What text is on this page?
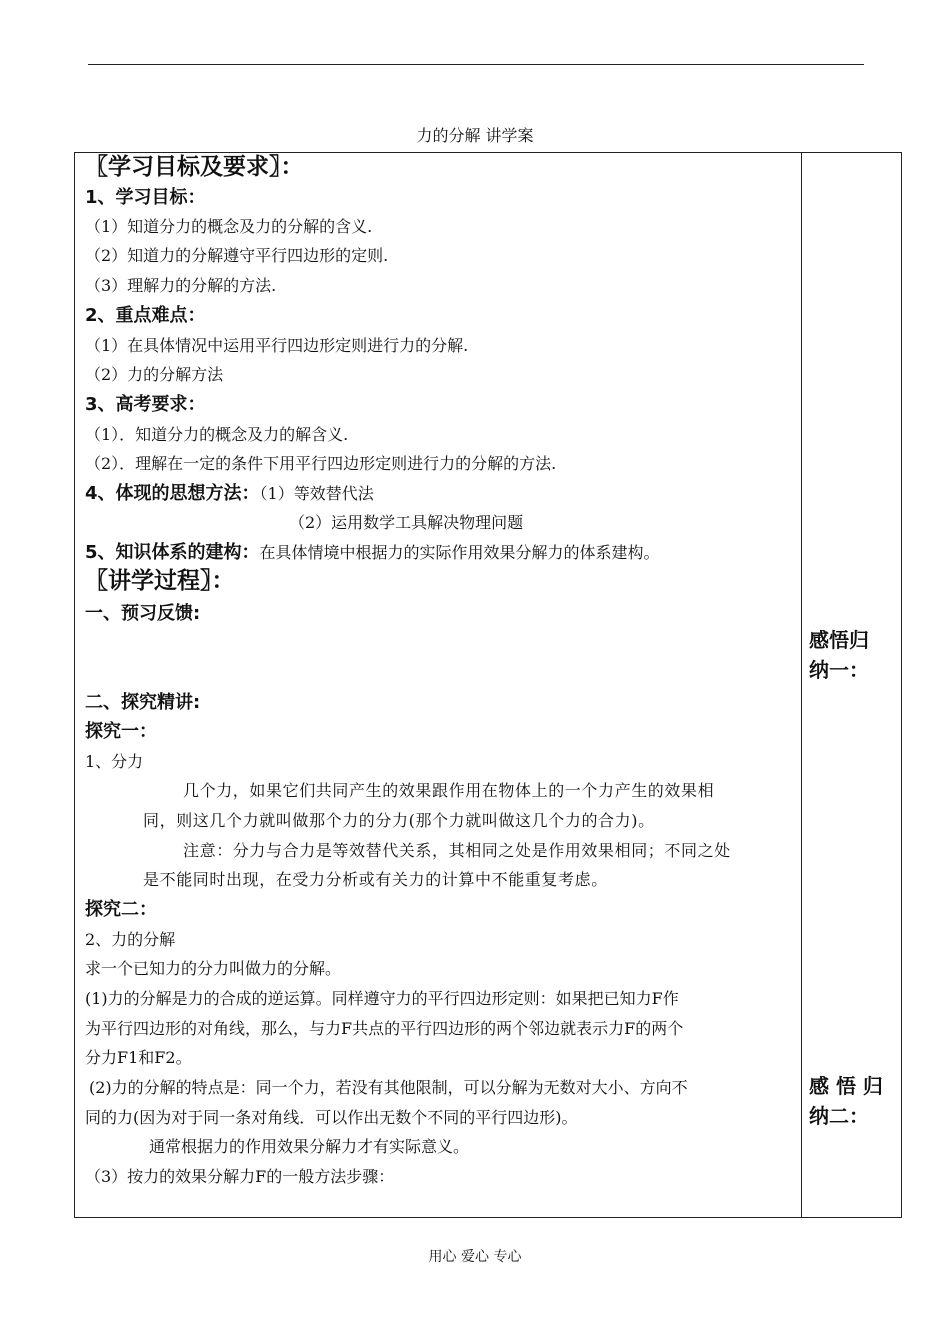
力的分解 讲学案
〖学习目标及要求〗：
1、学习目标：
（1）知道分力的概念及力的分解的含义.
（2）知道力的分解遵守平行四边形的定则.
（3）理解力的分解的方法.
2、重点难点：
（1）在具体情况中运用平行四边形定则进行力的分解.
（2）力的分解方法
3、高考要求：
（1）．知道分力的概念及力的解含义.
（2）．理解在一定的条件下用平行四边形定则进行力的分解的方法.
4、体现的思想方法：（1）等效替代法
（2）运用数学工具解决物理问题
5、知识体系的建构：在具体情境中根据力的实际作用效果分解力的体系建构。
〖讲学过程〗：
一、预习反馈:
二、探究精讲:
探究一：
1、分力
几个力，如果它们共同产生的效果跟作用在物体上的一个力产生的效果相
同，则这几个力就叫做那个力的分力(那个力就叫做这几个力的合力)。
注意：分力与合力是等效替代关系，其相同之处是作用效果相同；不同之处
是不能同时出现，在受力分析或有关力的计算中不能重复考虑。
探究二：
2、力的分解
求一个已知力的分力叫做力的分解。
(1)力的分解是力的合成的逆运算。同样遵守力的平行四边形定则：如果把已知力F作
为平行四边形的对角线，那么，与力F共点的平行四边形的两个邻边就表示力F的两个
分力F1和F2。
(2)力的分解的特点是：同一个力，若没有其他限制，可以分解为无数对大小、方向不
同的力(因为对于同一条对角线．可以作出无数个不同的平行四边形)。
通常根据力的作用效果分解力才有实际意义。
（3）按力的效果分解力F的一般方法步骤：
感悟归
纳一：
感 悟 归
纳二：
用心 爱心 专心
